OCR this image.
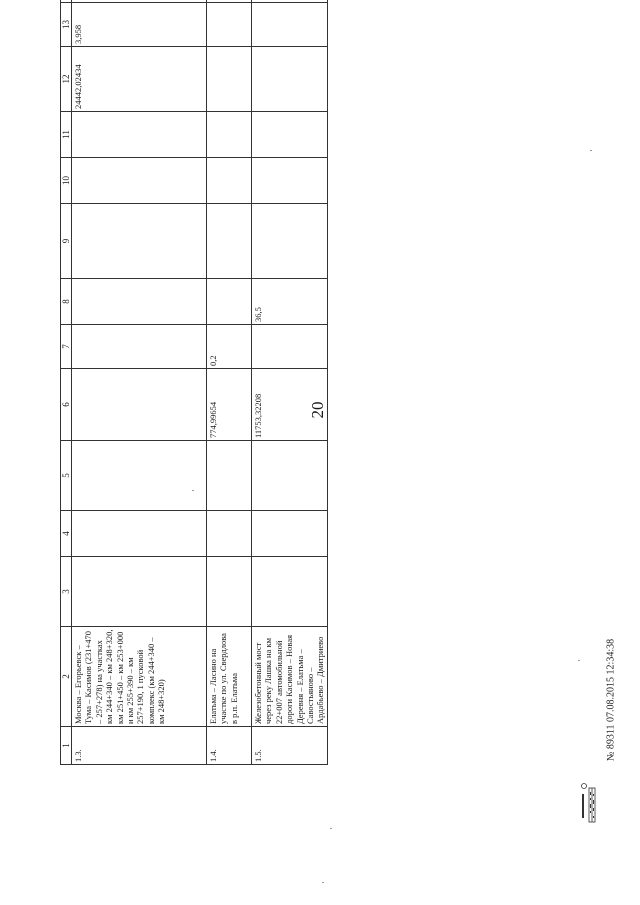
20
1	2	3	4	5	6	7	8	9	10	11	12	13	
1.3.	Москва – Егорьевск – Тума – Касимов (231+470 – 257+278) на участках км 244+340 – км 248+320, км 251+450 – км 253+000 и км 255+390 – км 257+190, 1 пусковой комплекс (км 244+340 – км 248+320)										24442,02434	3,958	
1.4.	Елатьма – Ласино на участке по ул. Свердлова в р.п. Елатьма				774,99654	0,2							
1.5.	Железобетонный мост через реку Лашка на км 22+007 автомобильной дороги Касимов – Новая Деревня – Елатьма – Савостьяново – Ардабьево – Дмитриево				11753,32208		36,5						
№ 89311 07.08.2015 12:34:38
